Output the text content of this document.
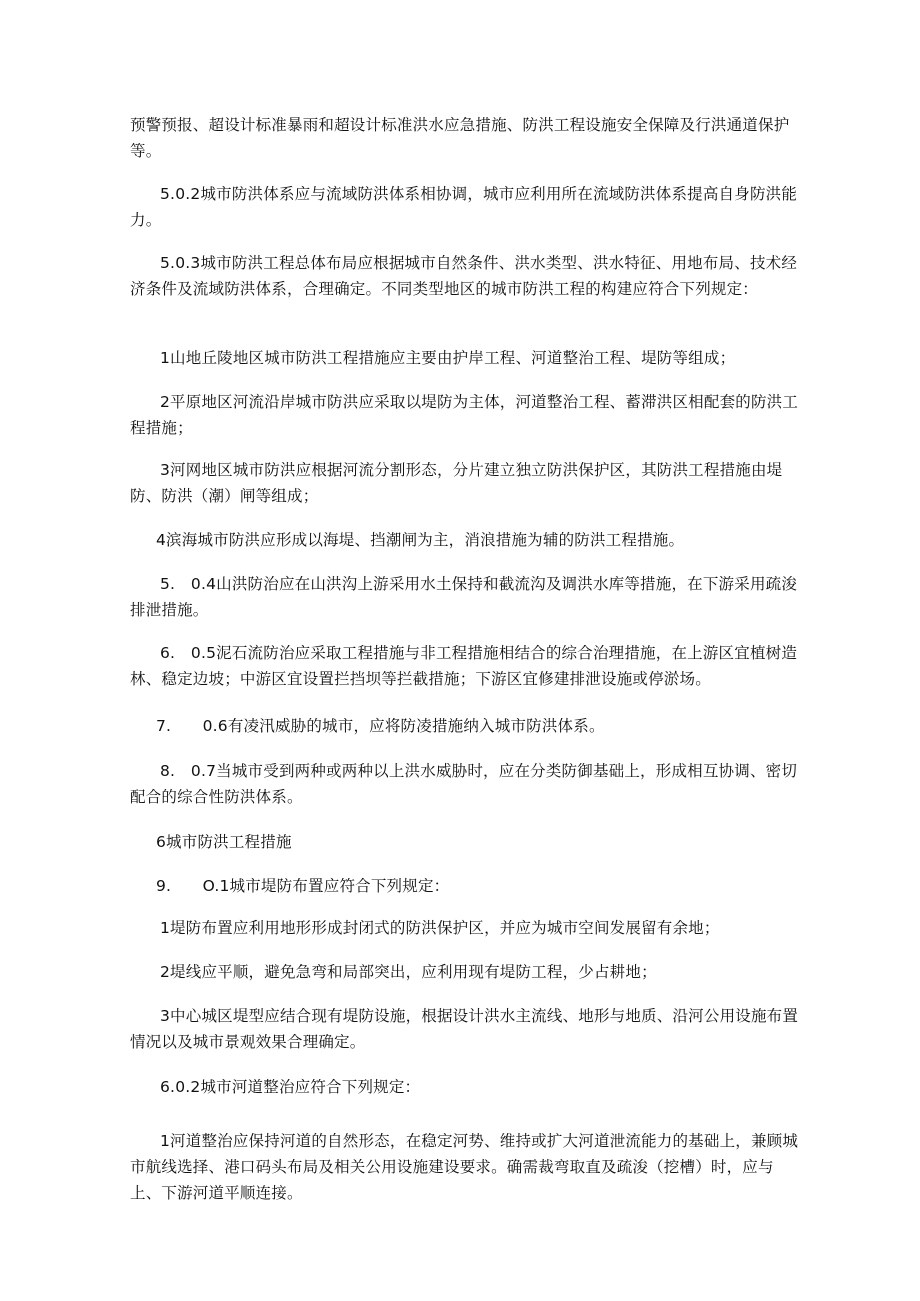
预警预报、超设计标准暴雨和超设计标准洪水应急措施、防洪工程设施安全保障及行洪通道保护等。

5.0.2城市防洪体系应与流域防洪体系相协调，城市应利用所在流域防洪体系提高自身防洪能力。

5.0.3城市防洪工程总体布局应根据城市自然条件、洪水类型、洪水特征、用地布局、技术经济条件及流域防洪体系，合理确定。不同类型地区的城市防洪工程的构建应符合下列规定：

1山地丘陵地区城市防洪工程措施应主要由护岸工程、河道整治工程、堤防等组成；

2平原地区河流沿岸城市防洪应采取以堤防为主体，河道整治工程、蓄滞洪区相配套的防洪工程措施；

3河网地区城市防洪应根据河流分割形态，分片建立独立防洪保护区，其防洪工程措施由堤防、防洪（潮）闸等组成；

4滨海城市防洪应形成以海堤、挡潮闸为主，消浪措施为辅的防洪工程措施。

5.　0.4山洪防治应在山洪沟上游采用水土保持和截流沟及调洪水库等措施，在下游采用疏浚排泄措施。

6.　0.5泥石流防治应采取工程措施与非工程措施相结合的综合治理措施，在上游区宜植树造林、稳定边坡；中游区宜设置拦挡坝等拦截措施；下游区宜修建排泄设施或停淤场。

7.　　0.6有凌汛威胁的城市，应将防凌措施纳入城市防洪体系。

8.　0.7当城市受到两种或两种以上洪水威胁时，应在分类防御基础上，形成相互协调、密切配合的综合性防洪体系。

6城市防洪工程措施

9.　　O.1城市堤防布置应符合下列规定：

1堤防布置应利用地形形成封闭式的防洪保护区，并应为城市空间发展留有余地；

2堤线应平顺，避免急弯和局部突出，应利用现有堤防工程，少占耕地；

3中心城区堤型应结合现有堤防设施，根据设计洪水主流线、地形与地质、沿河公用设施布置情况以及城市景观效果合理确定。

6.0.2城市河道整治应符合下列规定：

1河道整治应保持河道的自然形态，在稳定河势、维持或扩大河道泄流能力的基础上，兼顾城市航线选择、港口码头布局及相关公用设施建设要求。确需裁弯取直及疏浚（挖槽）时，应与上、下游河道平顺连接。
